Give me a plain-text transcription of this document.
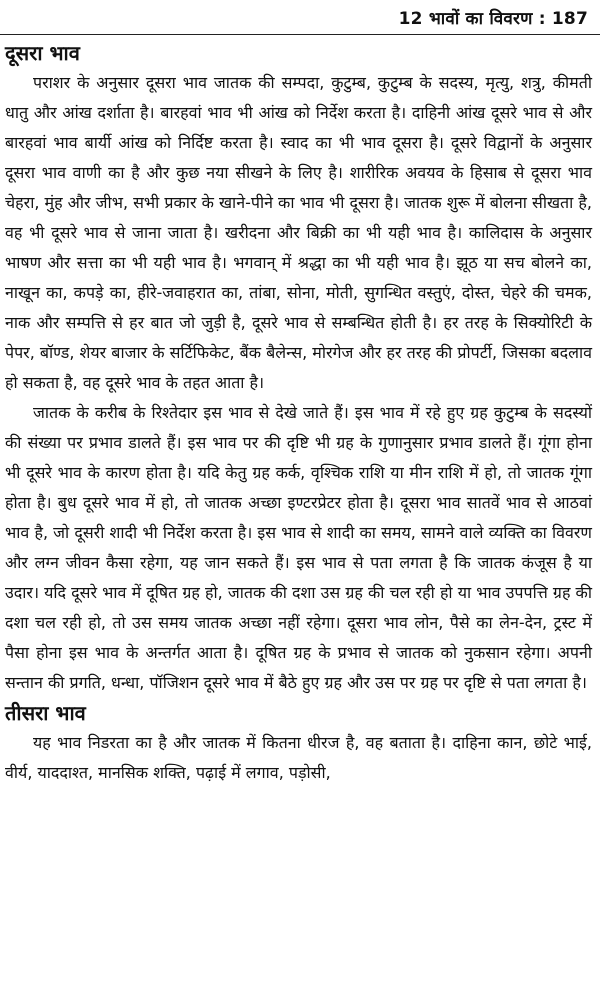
12 भावों का विवरण : 187
दूसरा भाव

पराशर के अनुसार दूसरा भाव जातक की सम्पदा, कुटुम्ब, कुटुम्ब के सदस्य, मृत्यु, शत्रु, कीमती धातु और आंख दर्शाता है। बारहवां भाव भी आंख को निर्देश करता है। दाहिनी आंख दूसरे भाव से और बारहवां भाव बार्यी आंख को निर्दिष्ट करता है। स्वाद का भी भाव दूसरा है। दूसरे विद्वानों के अनुसार दूसरा भाव वाणी का है और कुछ नया सीखने के लिए है। शारीरिक अवयव के हिसाब से दूसरा भाव चेहरा, मुंह और जीभ, सभी प्रकार के खाने-पीने का भाव भी दूसरा है। जातक शुरू में बोलना सीखता है, वह भी दूसरे भाव से जाना जाता है। खरीदना और बिक्री का भी यही भाव है। कालिदास के अनुसार भाषण और सत्ता का भी यही भाव है। भगवान् में श्रद्धा का भी यही भाव है। झूठ या सच बोलने का, नाखून का, कपड़े का, हीरे-जवाहरात का, तांबा, सोना, मोती, सुगन्धित वस्तुएं, दोस्त, चेहरे की चमक, नाक और सम्पत्ति से हर बात जो जुड़ी है, दूसरे भाव से सम्बन्धित होती है। हर तरह के सिक्योरिटी के पेपर, बॉण्ड, शेयर बाजार के सर्टिफिकेट, बैंक बैलेन्स, मोरगेज और हर तरह की प्रोपर्टी, जिसका बदलाव हो सकता है, वह दूसरे भाव के तहत आता है।

जातक के करीब के रिश्तेदार इस भाव से देखे जाते हैं। इस भाव में रहे हुए ग्रह कुटुम्ब के सदस्यों की संख्या पर प्रभाव डालते हैं। इस भाव पर की दृष्टि भी ग्रह के गुणानुसार प्रभाव डालते हैं। गूंगा होना भी दूसरे भाव के कारण होता है। यदि केतु ग्रह कर्क, वृश्चिक राशि या मीन राशि में हो, तो जातक गूंगा होता है। बुध दूसरे भाव में हो, तो जातक अच्छा इण्टरप्रेटर होता है। दूसरा भाव सातवें भाव से आठवां भाव है, जो दूसरी शादी भी निर्देश करता है। इस भाव से शादी का समय, सामने वाले व्यक्ति का विवरण और लग्न जीवन कैसा रहेगा, यह जान सकते हैं। इस भाव से पता लगता है कि जातक कंजूस है या उदार। यदि दूसरे भाव में दूषित ग्रह हो, जातक की दशा उस ग्रह की चल रही हो या भाव उपपत्ति ग्रह की दशा चल रही हो, तो उस समय जातक अच्छा नहीं रहेगा। दूसरा भाव लोन, पैसे का लेन-देन, ट्रस्ट में पैसा होना इस भाव के अन्तर्गत आता है। दूषित ग्रह के प्रभाव से जातक को नुकसान रहेगा। अपनी सन्तान की प्रगति, धन्धा, पॉजिशन दूसरे भाव में बैठे हुए ग्रह और उस पर ग्रह पर दृष्टि से पता लगता है।

तीसरा भाव

यह भाव निडरता का है और जातक में कितना धीरज है, वह बताता है। दाहिना कान, छोटे भाई, वीर्य, याददाश्त, मानसिक शक्ति, पढ़ाई में लगाव, पड़ोसी,
